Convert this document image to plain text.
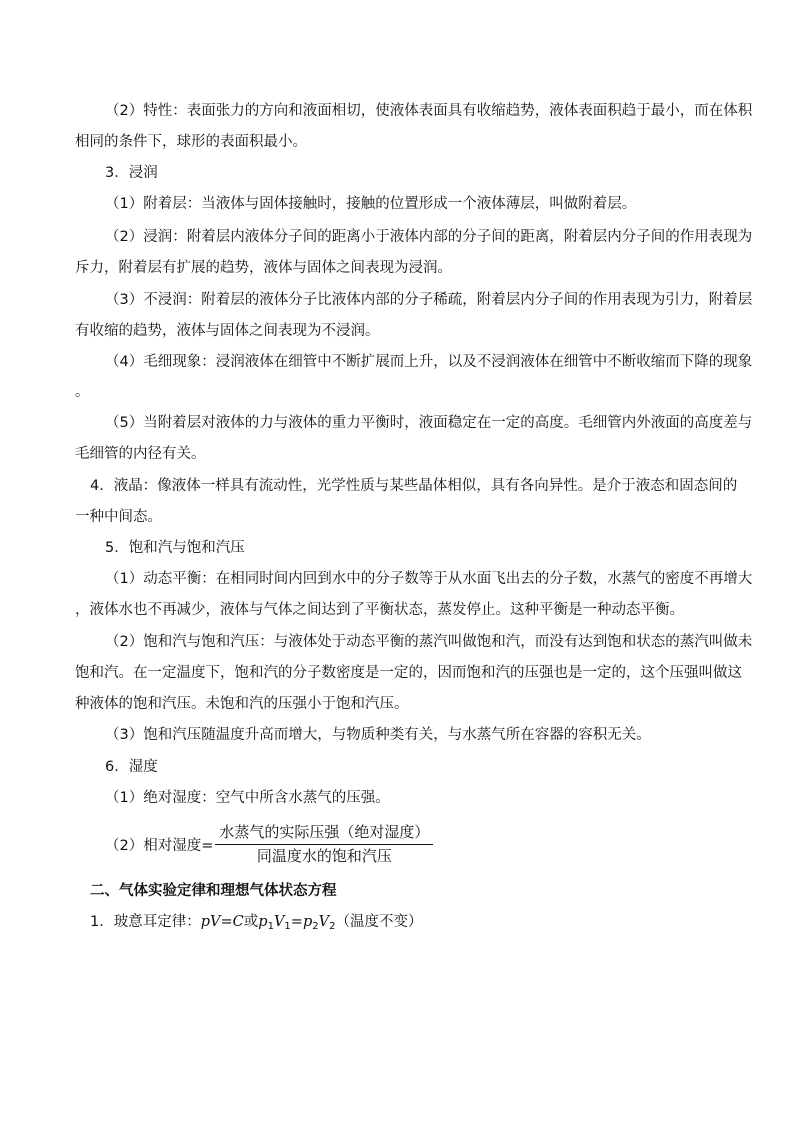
（2）特性：表面张力的方向和液面相切，使液体表面具有收缩趋势，液体表面积趋于最小，而在体积
相同的条件下，球形的表面积最小。
3．浸润
（1）附着层：当液体与固体接触时，接触的位置形成一个液体薄层，叫做附着层。
（2）浸润：附着层内液体分子间的距离小于液体内部的分子间的距离，附着层内分子间的作用表现为
斥力，附着层有扩展的趋势，液体与固体之间表现为浸润。
（3）不浸润：附着层的液体分子比液体内部的分子稀疏，附着层内分子间的作用表现为引力，附着层
有收缩的趋势，液体与固体之间表现为不浸润。
（4）毛细现象：浸润液体在细管中不断扩展而上升，以及不浸润液体在细管中不断收缩而下降的现象
。
（5）当附着层对液体的力与液体的重力平衡时，液面稳定在一定的高度。毛细管内外液面的高度差与
毛细管的内径有关。
4．液晶：像液体一样具有流动性，光学性质与某些晶体相似，具有各向异性。是介于液态和固态间的
一种中间态。
5．饱和汽与饱和汽压
（1）动态平衡：在相同时间内回到水中的分子数等于从水面飞出去的分子数，水蒸气的密度不再增大
，液体水也不再减少，液体与气体之间达到了平衡状态，蒸发停止。这种平衡是一种动态平衡。
（2）饱和汽与饱和汽压：与液体处于动态平衡的蒸汽叫做饱和汽，而没有达到饱和状态的蒸汽叫做未
饱和汽。在一定温度下，饱和汽的分子数密度是一定的，因而饱和汽的压强也是一定的，这个压强叫做这
种液体的饱和汽压。未饱和汽的压强小于饱和汽压。
（3）饱和汽压随温度升高而增大，与物质种类有关，与水蒸气所在容器的容积无关。
6．湿度
（1）绝对湿度：空气中所含水蒸气的压强。
（2）相对湿度= $\frac{\text{水蒸气的实际压强（绝对湿度）}}{\text{同温度水的饱和汽压}}$
二、气体实验定律和理想气体状态方程
1．玻意耳定律：pV=C或$p_1V_1=p_2V_2$（温度不变）
